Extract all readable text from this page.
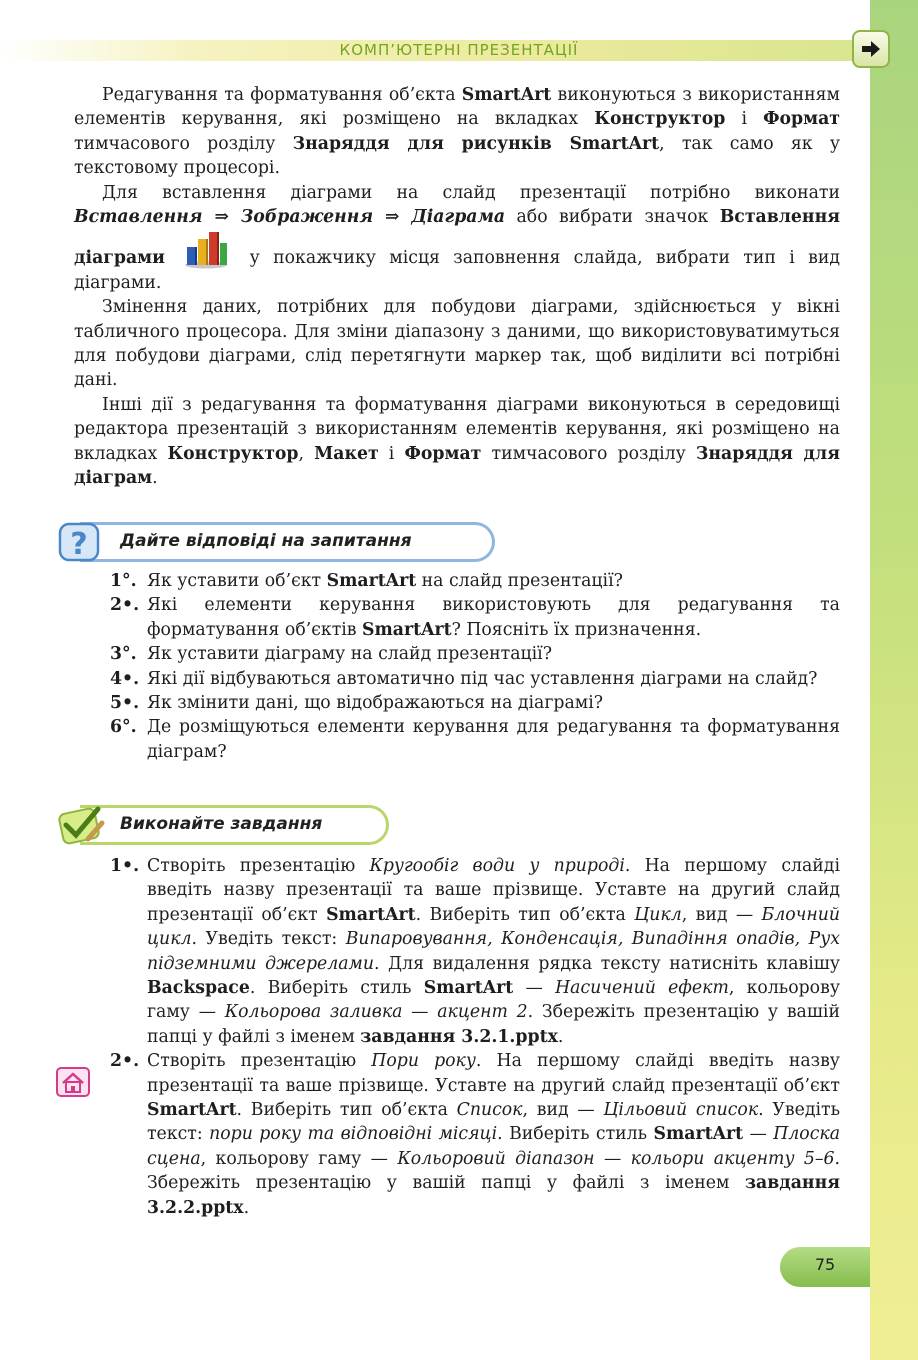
КОМП’ЮТЕРНІ ПРЕЗЕНТАЦІЇ

Редагування та форматування об’єкта SmartArt виконуються з використанням елементів керування, які розміщено на вкладках Конструктор і Формат тимчасового розділу Знаряддя для рисунків SmartArt, так само як у текстовому процесорі.

Для вставлення діаграми на слайд презентації потрібно виконати Вставлення ⇒ Зображення ⇒ Діаграма або вибрати значок Вставлення діаграми	у покажчику місця заповнення слайда, вибрати тип і вид діаграми.

Змінення даних, потрібних для побудови діаграми, здійснюється у вікні табличного процесора. Для зміни діапазону з даними, що використовуватимуться для побудови діаграми, слід перетягнути маркер так, щоб виділити всі потрібні дані.

Інші дії з редагування та форматування діаграми виконуються в середовищі редактора презентацій з використанням елементів керування, які розміщено на вкладках Конструктор, Макет і Формат тимчасового розділу Знаряддя для діаграм.

? Дайте відповіді на запитання
1°. Як уставити об’єкт SmartArt на слайд презентації?
2•. Які елементи керування використовують для редагування та форматування об’єктів SmartArt? Поясніть їх призначення.
3°. Як уставити діаграму на слайд презентації?
4•. Які дії відбуваються автоматично під час уставлення діаграми на слайд?
5•. Як змінити дані, що відображаються на діаграмі?
6°. Де розміщуються елементи керування для редагування та форматування діаграм?
Виконайте завдання
1•. Створіть презентацію Кругообіг води у природі. На першому слайді введіть назву презентації та ваше прізвище. Уставте на другий слайд презентації об’єкт SmartArt. Виберіть тип об’єкта Цикл, вид — Блочний цикл. Уведіть текст: Випаровування, Конденсація, Випадіння опадів, Рух підземними джерелами. Для видалення рядка тексту натисніть клавішу Backspace. Виберіть стиль SmartArt — Насичений ефект, кольорову гаму — Кольорова заливка — акцент 2. Збережіть презентацію у вашій папці у файлі з іменем завдання 3.2.1.pptx.
2•. Створіть презентацію Пори року. На першому слайді введіть назву презентації та ваше прізвище. Уставте на другий слайд презентації об’єкт SmartArt. Виберіть тип об’єкта Список, вид — Цільовий список. Уведіть текст: пори року та відповідні місяці. Виберіть стиль SmartArt — Плоска сцена, кольорову гаму — Кольоровий діапазон — кольори акценту 5–6. Збережіть презентацію у вашій папці у файлі з іменем завдання 3.2.2.pptx.
75
